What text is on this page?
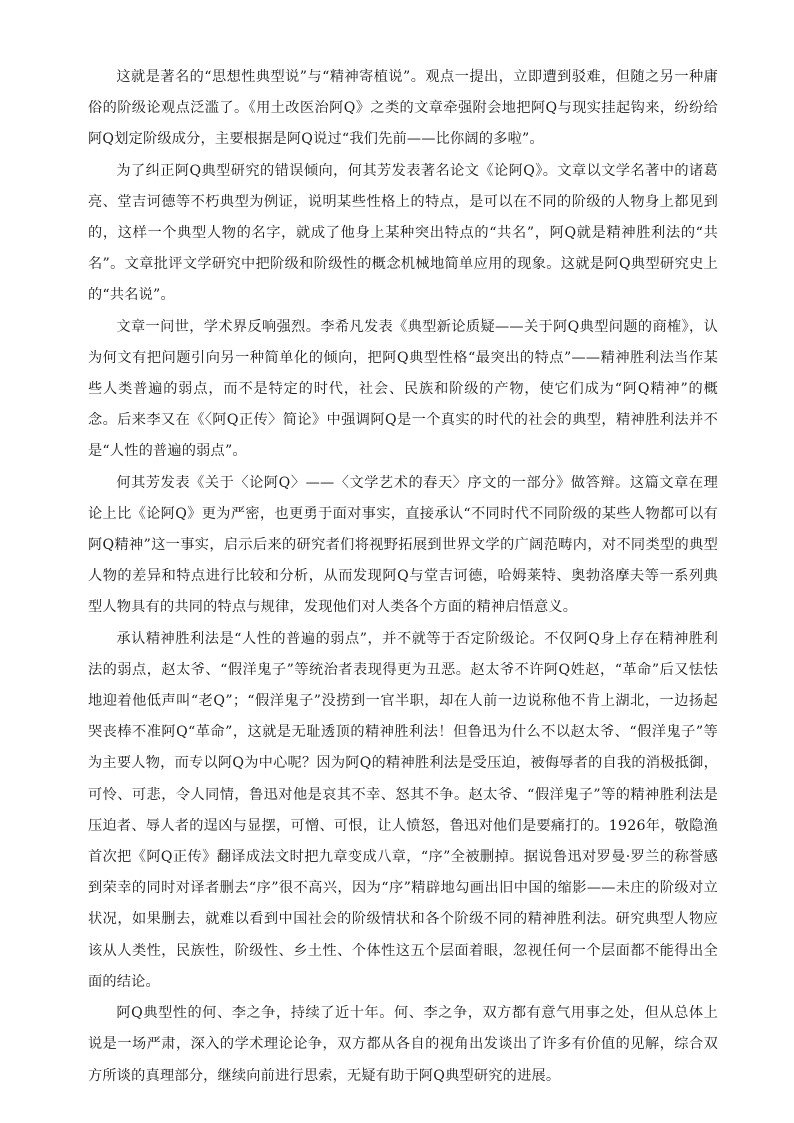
这就是著名的“思想性典型说”与“精神寄植说”。观点一提出，立即遭到驳难，但随之另一种庸俗的阶级论观点泛滥了。《用土改医治阿Q》之类的文章牵强附会地把阿Q与现实挂起钩来，纷纷给阿Q划定阶级成分，主要根据是阿Q说过“我们先前——比你阔的多啦”。

为了纠正阿Q典型研究的错误倾向，何其芳发表著名论文《论阿Q》。文章以文学名著中的诸葛亮、堂吉诃德等不朽典型为例证，说明某些性格上的特点，是可以在不同的阶级的人物身上都见到的，这样一个典型人物的名字，就成了他身上某种突出特点的“共名”，阿Q就是精神胜利法的“共名”。文章批评文学研究中把阶级和阶级性的概念机械地简单应用的现象。这就是阿Q典型研究史上的“共名说”。

文章一问世，学术界反响强烈。李希凡发表《典型新论质疑——关于阿Q典型问题的商榷》，认为何文有把问题引向另一种简单化的倾向，把阿Q典型性格“最突出的特点”——精神胜利法当作某些人类普遍的弱点，而不是特定的时代，社会、民族和阶级的产物，使它们成为“阿Q精神”的概念。后来李又在《〈阿Q正传〉简论》中强调阿Q是一个真实的时代的社会的典型，精神胜利法并不是“人性的普遍的弱点”。

何其芳发表《关于〈论阿Q〉——〈文学艺术的春天〉序文的一部分》做答辩。这篇文章在理论上比《论阿Q》更为严密，也更勇于面对事实，直接承认“不同时代不同阶级的某些人物都可以有阿Q精神”这一事实，启示后来的研究者们将视野拓展到世界文学的广阔范畴内，对不同类型的典型人物的差异和特点进行比较和分析，从而发现阿Q与堂吉诃德，哈姆莱特、奥勃洛摩夫等一系列典型人物具有的共同的特点与规律，发现他们对人类各个方面的精神启悟意义。

承认精神胜利法是“人性的普遍的弱点”，并不就等于否定阶级论。不仅阿Q身上存在精神胜利法的弱点，赵太爷、“假洋鬼子”等统治者表现得更为丑恶。赵太爷不许阿Q姓赵，“革命”后又怯怯地迎着他低声叫“老Q”；“假洋鬼子”没捞到一官半职，却在人前一边说称他不肯上湖北，一边扬起哭丧棒不准阿Q“革命”，这就是无耻透顶的精神胜利法！但鲁迅为什么不以赵太爷、“假洋鬼子”等为主要人物，而专以阿Q为中心呢？因为阿Q的精神胜利法是受压迫，被侮辱者的自我的消极抵御，可怜、可悲，令人同情，鲁迅对他是哀其不幸、怒其不争。赵太爷、“假洋鬼子”等的精神胜利法是压迫者、辱人者的逞凶与显摆，可憎、可恨，让人愤怒，鲁迅对他们是要痛打的。1926年，敬隐渔首次把《阿Q正传》翻译成法文时把九章变成八章，“序”全被删掉。据说鲁迅对罗曼·罗兰的称誉感到荣幸的同时对译者删去“序”很不高兴，因为“序”精辟地勾画出旧中国的缩影——未庄的阶级对立状况，如果删去，就难以看到中国社会的阶级情状和各个阶级不同的精神胜利法。研究典型人物应该从人类性，民族性，阶级性、乡土性、个体性这五个层面着眼，忽视任何一个层面都不能得出全面的结论。

阿Q典型性的何、李之争，持续了近十年。何、李之争，双方都有意气用事之处，但从总体上说是一场严肃，深入的学术理论论争，双方都从各自的视角出发谈出了许多有价值的见解，综合双方所谈的真理部分，继续向前进行思索，无疑有助于阿Q典型研究的进展。
